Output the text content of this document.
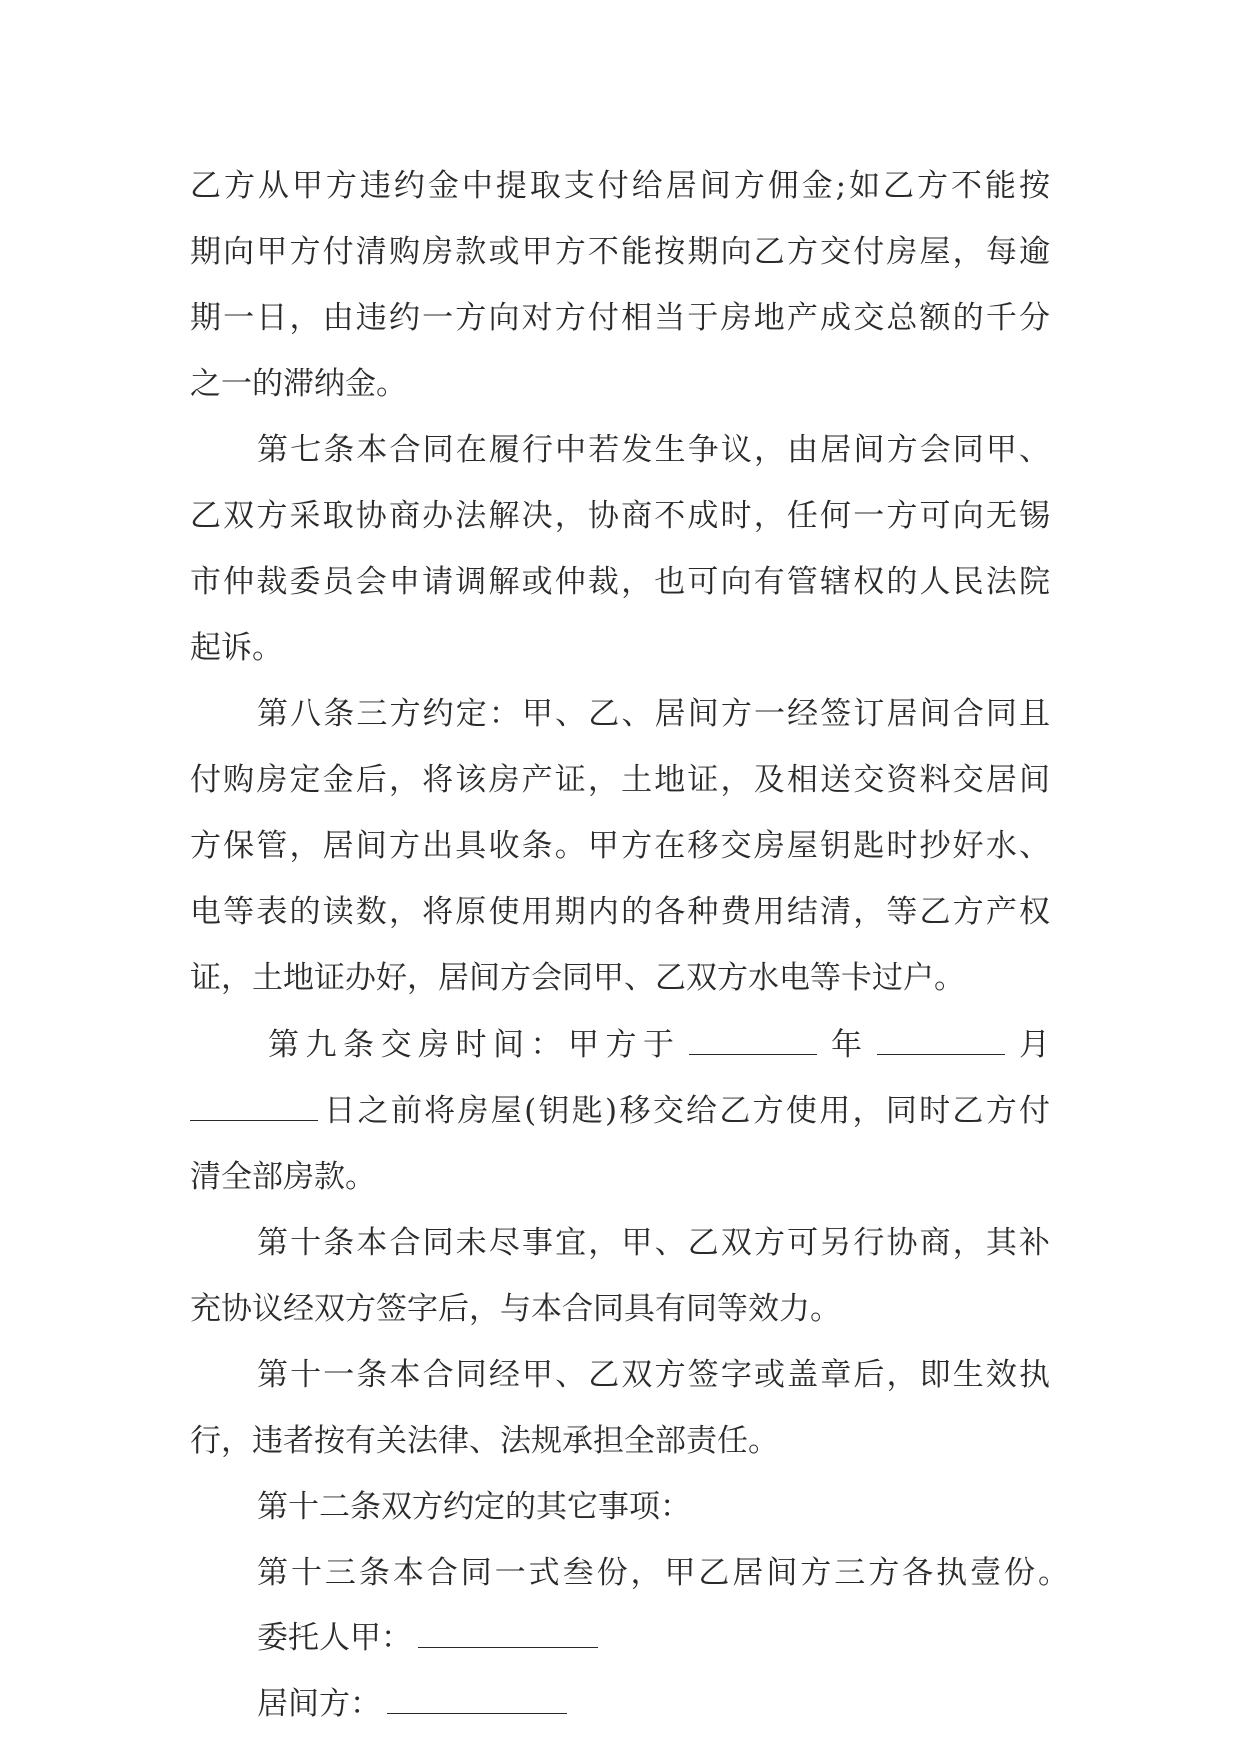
乙方从甲方违约金中提取支付给居间方佣金;如乙方不能按
期向甲方付清购房款或甲方不能按期向乙方交付房屋，每逾
期一日，由违约一方向对方付相当于房地产成交总额的千分
之一的滞纳金。
第七条本合同在履行中若发生争议，由居间方会同甲、
乙双方采取协商办法解决，协商不成时，任何一方可向无锡
市仲裁委员会申请调解或仲裁，也可向有管辖权的人民法院
起诉。
第八条三方约定：甲、乙、居间方一经签订居间合同且
付购房定金后，将该房产证，土地证，及相送交资料交居间
方保管，居间方出具收条。甲方在移交房屋钥匙时抄好水、
电等表的读数，将原使用期内的各种费用结清，等乙方产权
证，土地证办好，居间方会同甲、乙双方水电等卡过户。
第九条交房时间：甲方于	年	月
日之前将房屋(钥匙)移交给乙方使用，同时乙方付
清全部房款。
第十条本合同未尽事宜，甲、乙双方可另行协商，其补
充协议经双方签字后，与本合同具有同等效力。
第十一条本合同经甲、乙双方签字或盖章后，即生效执
行，违者按有关法律、法规承担全部责任。
第十二条双方约定的其它事项：
第十三条本合同一式叁份，甲乙居间方三方各执壹份。
委托人甲：
居间方：
